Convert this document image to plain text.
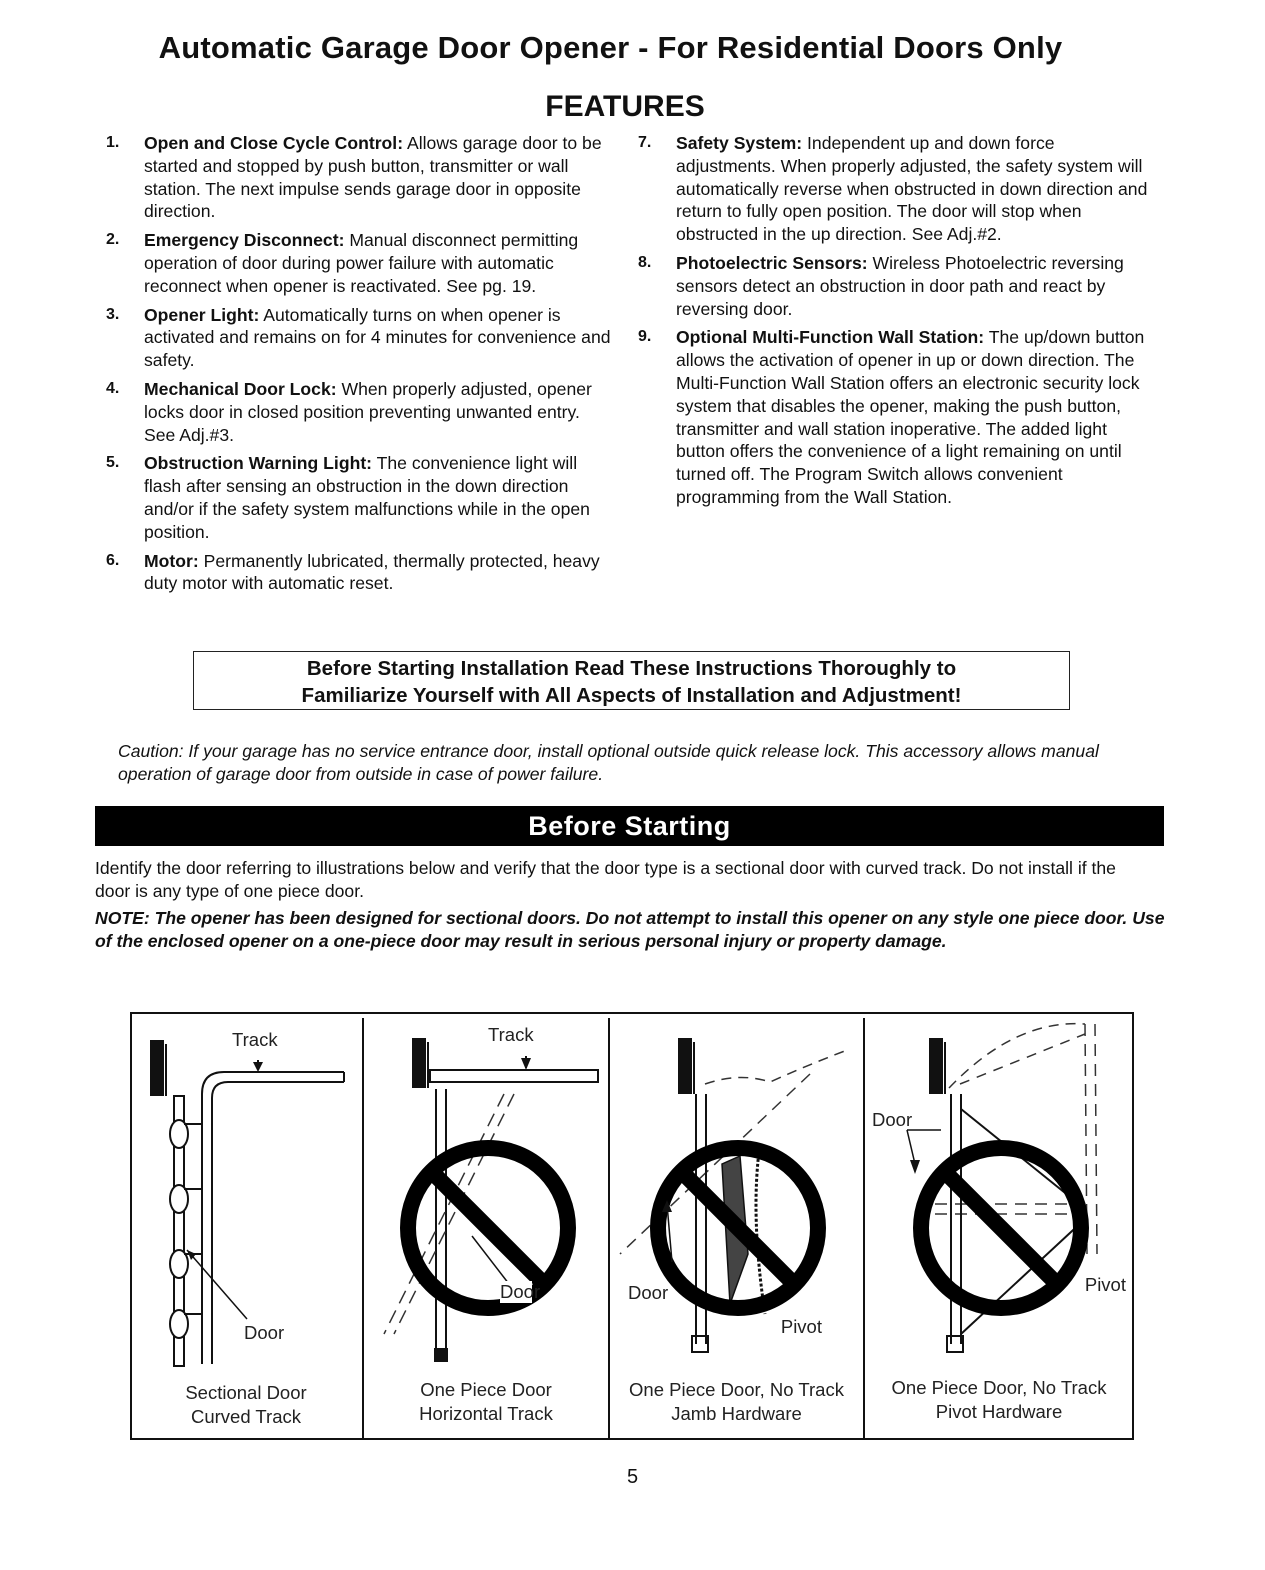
Automatic Garage Door Opener - For Residential Doors Only
FEATURES
1. Open and Close Cycle Control: Allows garage door to be started and stopped by push button, transmitter or wall station. The next impulse sends garage door in opposite direction.
2. Emergency Disconnect: Manual disconnect permitting operation of door during power failure with automatic reconnect when opener is reactivated. See pg. 19.
3. Opener Light: Automatically turns on when opener is activated and remains on for 4 minutes for convenience and safety.
4. Mechanical Door Lock: When properly adjusted, opener locks door in closed position preventing unwanted entry. See Adj.#3.
5. Obstruction Warning Light: The convenience light will flash after sensing an obstruction in the down direction and/or if the safety system malfunctions while in the open position.
6. Motor: Permanently lubricated, thermally protected, heavy duty motor with automatic reset.
7. Safety System: Independent up and down force adjustments. When properly adjusted, the safety system will automatically reverse when obstructed in down direction and return to fully open position. The door will stop when obstructed in the up direction. See Adj.#2.
8. Photoelectric Sensors: Wireless Photoelectric reversing sensors detect an obstruction in door path and react by reversing door.
9. Optional Multi-Function Wall Station: The up/down button allows the activation of opener in up or down direction. The Multi-Function Wall Station offers an electronic security lock system that disables the opener, making the push button, transmitter and wall station inoperative. The added light button offers the convenience of a light remaining on until turned off. The Program Switch allows convenient programming from the Wall Station.
Before Starting Installation Read These Instructions Thoroughly to
Familiarize Yourself with All Aspects of Installation and Adjustment!
Caution: If your garage has no service entrance door, install optional outside quick release lock. This accessory allows manual operation of garage door from outside in case of power failure.
Before Starting
Identify the door referring to illustrations below and verify that the door type is a sectional door with curved track. Do not install if the door is any type of one piece door.
NOTE: The opener has been designed for sectional doors. Do not attempt to install this opener on any style one piece door. Use of the enclosed opener on a one-piece door may result in serious personal injury or property damage.
Track
Door
Sectional Door
Curved Track
Track
Door
One Piece Door
Horizontal Track
Door
Pivot
One Piece Door, No Track
Jamb Hardware
Door
Pivot
One Piece Door, No Track
Pivot Hardware
5
